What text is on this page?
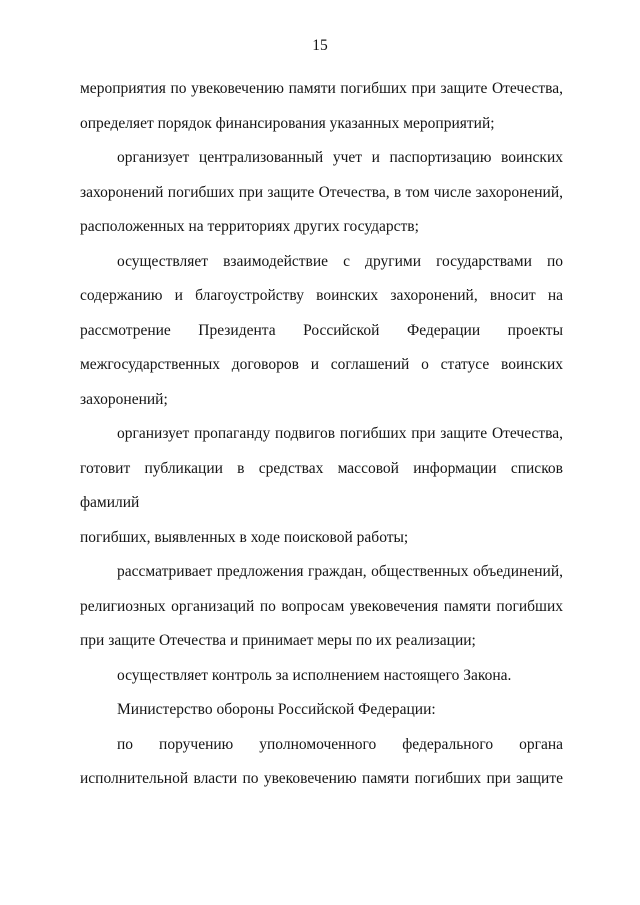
15

мероприятия по увековечению памяти погибших при защите Отечества,

определяет порядок финансирования указанных мероприятий;

организует централизованный учет и паспортизацию воинских

захоронений погибших при защите Отечества, в том числе захоронений,

расположенных на территориях других государств;

осуществляет взаимодействие с другими государствами по

содержанию и благоустройству воинских захоронений, вносит на

рассмотрение Президента Российской Федерации проекты

межгосударственных договоров и соглашений о статусе воинских

захоронений;

организует пропаганду подвигов погибших при защите Отечества,

готовит публикации в средствах массовой информации списков фамилий

погибших, выявленных в ходе поисковой работы;

рассматривает предложения граждан, общественных объединений,

религиозных организаций по вопросам увековечения памяти погибших

при защите Отечества и принимает меры по их реализации;

осуществляет контроль за исполнением настоящего Закона.

Министерство обороны Российской Федерации:

по поручению уполномоченного федерального органа

исполнительной власти по увековечению памяти погибших при защите
